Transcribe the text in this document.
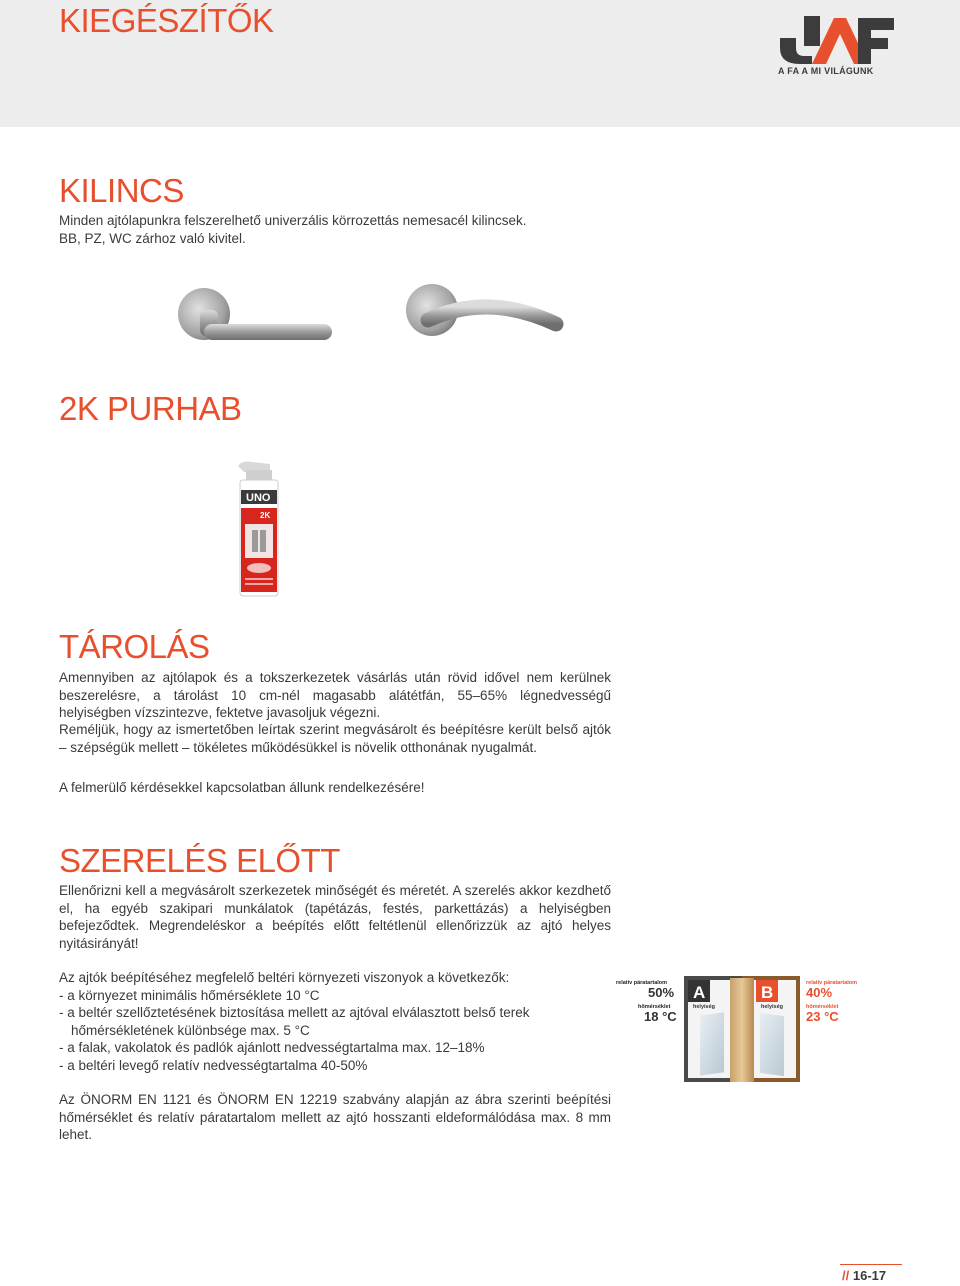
KIEGÉSZÍTŐK
A FA A MI VILÁGUNK
KILINCS

Minden ajtólapunkra felszerelhető univerzális körrozettás nemesacél kilincsek.
BB, PZ, WC zárhoz való kivitel.

2K PURHAB
UNO
2K
TÁROLÁS

Amennyiben az ajtólapok és a tokszerkezetek vásárlás után rövid idővel nem kerülnek beszerelésre, a tárolást 10 cm-nél magasabb alátétfán, 55–65% légnedvességű helyiségben vízszintezve, fektetve javasoljuk végezni.

Reméljük, hogy az ismertetőben leírtak szerint megvásárolt és beépítésre került belső ajtók – szépségük mellett – tökéletes működésükkel is növelik otthonának nyugalmát.

A felmerülő kérdésekkel kapcsolatban állunk rendelkezésére!

SZERELÉS ELŐTT

Ellenőrizni kell a megvásárolt szerkezetek minőségét és méretét. A szerelés akkor kezdhető el, ha egyéb szakipari munkálatok (tapétázás, festés, parkettázás) a helyiségben befejeződtek. Megrendeléskor a beépítés előtt feltétlenül ellenőrizzük az ajtó helyes nyitásirányát!

Az ajtók beépítéséhez megfelelő beltéri környezeti viszonyok a következők:
- a környezet minimális hőmérséklete 10 °C
- a beltér szellőztetésének biztosítása mellett az ajtóval elválasztott belső terek
hőmérsékletének különbsége max. 5 °C
- a falak, vakolatok és padlók ajánlott nedvességtartalma max. 12–18%
- a beltéri levegő relatív nedvességtartalma 40-50%

Az ÖNORM EN 1121 és ÖNORM EN 12219 szabvány alapján az ábra szerinti beépítési hőmérséklet és relatív páratartalom mellett az ajtó hosszanti eldeformálódása max. 8 mm lehet.

relatív páratartalom
50%
hőmérséklet
18 °C
A
helyiség
B
helyiség
relatív páratartalom
40%
hőmérséklet
23 °C
// 16-17
